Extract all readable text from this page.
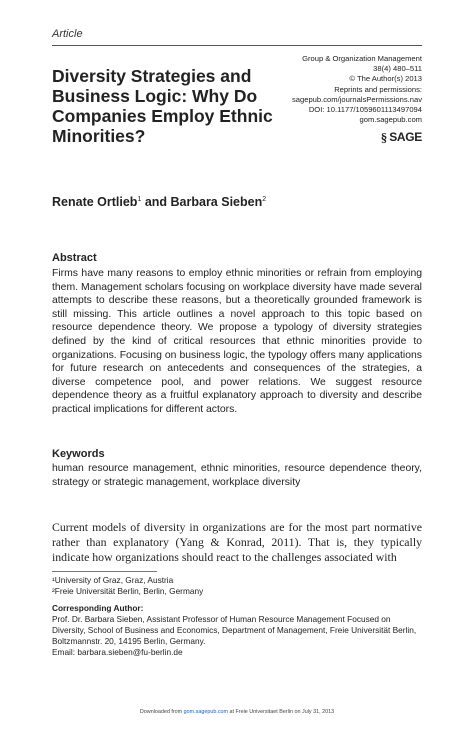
Article
Diversity Strategies and Business Logic: Why Do Companies Employ Ethnic Minorities?
Group & Organization Management
38(4) 480–511
© The Author(s) 2013
Reprints and permissions:
sagepub.com/journalsPermissions.nav
DOI: 10.1177/1059601113497094
gom.sagepub.com
§ SAGE
Renate Ortlieb$^1$ and Barbara Sieben$^2$
Abstract
Firms have many reasons to employ ethnic minorities or refrain from employing them. Management scholars focusing on workplace diversity have made several attempts to describe these reasons, but a theoretically grounded framework is still missing. This article outlines a novel approach to this topic based on resource dependence theory. We propose a typology of diversity strategies defined by the kind of critical resources that ethnic minorities provide to organizations. Focusing on business logic, the typology offers many applications for future research on antecedents and consequences of the strategies, a diverse competence pool, and power relations. We suggest resource dependence theory as a fruitful explanatory approach to diversity and describe practical implications for different actors.
Keywords
human resource management, ethnic minorities, resource dependence theory, strategy or strategic management, workplace diversity
Current models of diversity in organizations are for the most part normative rather than explanatory (Yang & Konrad, 2011). That is, they typically indicate how organizations should react to the challenges associated with
¹University of Graz, Graz, Austria
²Freie Universität Berlin, Berlin, Germany
Corresponding Author:
Prof. Dr. Barbara Sieben, Assistant Professor of Human Resource Management Focused on Diversity, School of Business and Economics, Department of Management, Freie Universität Berlin, Boltzmannstr. 20, 14195 Berlin, Germany.
Email: barbara.sieben@fu-berlin.de
Downloaded from gom.sagepub.com at Freie Universitaet Berlin on July 31, 2013
